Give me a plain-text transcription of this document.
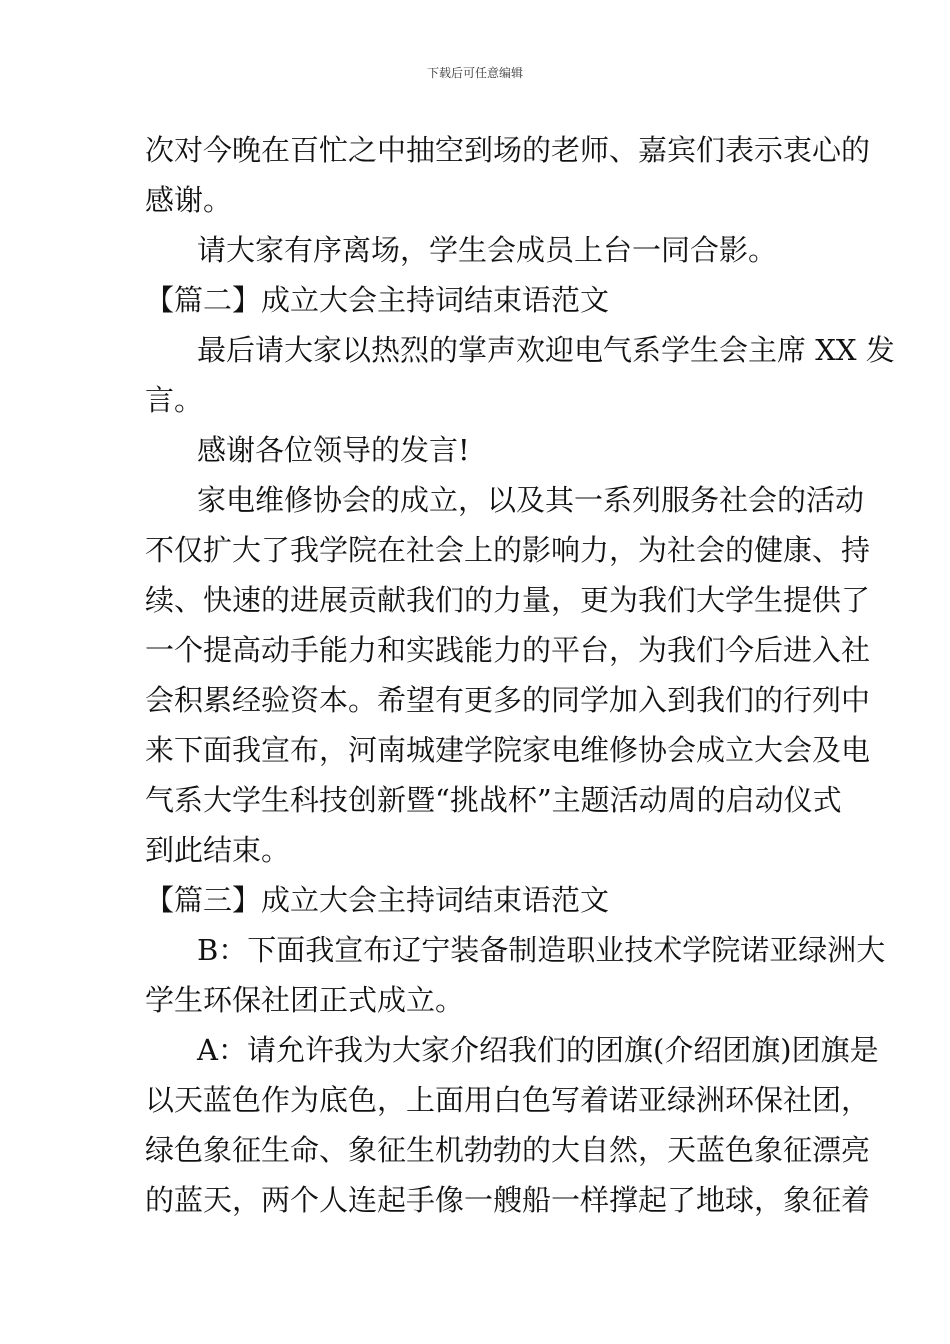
下载后可任意编辑
次对今晚在百忙之中抽空到场的老师、嘉宾们表示衷心的
感谢。
请大家有序离场，学生会成员上台一同合影。
【篇二】成立大会主持词结束语范文
最后请大家以热烈的掌声欢迎电气系学生会主席 XX 发
言。
感谢各位领导的发言!
家电维修协会的成立，以及其一系列服务社会的活动
不仅扩大了我学院在社会上的影响力，为社会的健康、持
续、快速的进展贡献我们的力量，更为我们大学生提供了
一个提高动手能力和实践能力的平台，为我们今后进入社
会积累经验资本。希望有更多的同学加入到我们的行列中
来下面我宣布，河南城建学院家电维修协会成立大会及电
气系大学生科技创新暨“挑战杯”主题活动周的启动仪式
到此结束。
【篇三】成立大会主持词结束语范文
B：下面我宣布辽宁装备制造职业技术学院诺亚绿洲大
学生环保社团正式成立。
A：请允许我为大家介绍我们的团旗(介绍团旗)团旗是
以天蓝色作为底色，上面用白色写着诺亚绿洲环保社团，
绿色象征生命、象征生机勃勃的大自然，天蓝色象征漂亮
的蓝天，两个人连起手像一艘船一样撑起了地球，象征着
